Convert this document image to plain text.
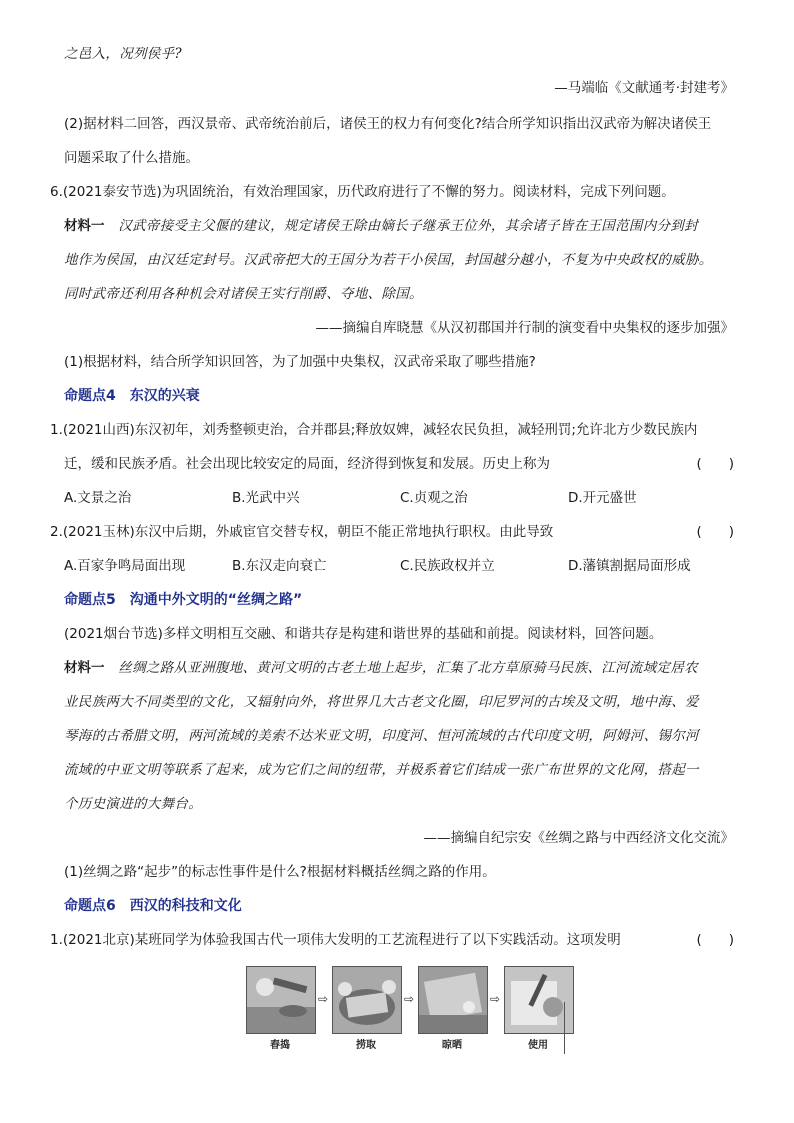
之邑入，况列侯乎?
—马端临《文献通考·封建考》
(2)据材料二回答，西汉景帝、武帝统治前后，诸侯王的权力有何变化?结合所学知识指出汉武帝为解决诸侯王
问题采取了什么措施。
6.(2021泰安节选)为巩固统治，有效治理国家，历代政府进行了不懈的努力。阅读材料，完成下列问题。
材料一　汉武帝接受主父偃的建议，规定诸侯王除由嫡长子继承王位外，其余诸子皆在王国范围内分到封
地作为侯国，由汉廷定封号。汉武帝把大的王国分为若干小侯国，封国越分越小，不复为中央政权的威胁。
同时武帝还利用各种机会对诸侯王实行削爵、夺地、除国。
——摘编自库晓慧《从汉初郡国并行制的演变看中央集权的逐步加强》
(1)根据材料，结合所学知识回答，为了加强中央集权，汉武帝采取了哪些措施?
命题点4　东汉的兴衰
1.(2021山西)东汉初年，刘秀整顿吏治，合并郡县;释放奴婢，减轻农民负担，减轻刑罚;允许北方少数民族内
迁，缓和民族矛盾。社会出现比较安定的局面，经济得到恢复和发展。历史上称为	(　　)
A.文景之治	B.光武中兴	C.贞观之治	D.开元盛世
2.(2021玉林)东汉中后期，外戚宦官交替专权，朝臣不能正常地执行职权。由此导致	(　　)
A.百家争鸣局面出现	B.东汉走向衰亡	C.民族政权并立	D.藩镇割据局面形成
命题点5　沟通中外文明的“丝绸之路”
(2021烟台节选)多样文明相互交融、和谐共存是构建和谐世界的基础和前提。阅读材料，回答问题。
材料一　丝绸之路从亚洲腹地、黄河文明的古老土地上起步，汇集了北方草原骑马民族、江河流域定居农
业民族两大不同类型的文化，又辐射向外，将世界几大古老文化圈，印尼罗河的古埃及文明，地中海、爱
琴海的古希腊文明，两河流域的美索不达米亚文明，印度河、恒河流域的古代印度文明，阿姆河、锡尔河
流域的中亚文明等联系了起来，成为它们之间的纽带，并极系着它们结成一张广布世界的文化网，搭起一
个历史演进的大舞台。
——摘编自纪宗安《丝绸之路与中西经济文化交流》
(1)丝绸之路“起步”的标志性事件是什么?根据材料概括丝绸之路的作用。
命题点6　西汉的科技和文化
1.(2021北京)某班同学为体验我国古代一项伟大发明的工艺流程进行了以下实践活动。这项发明	(　　)
⇨	⇨	⇨
舂捣	捞取	晾晒	使用
